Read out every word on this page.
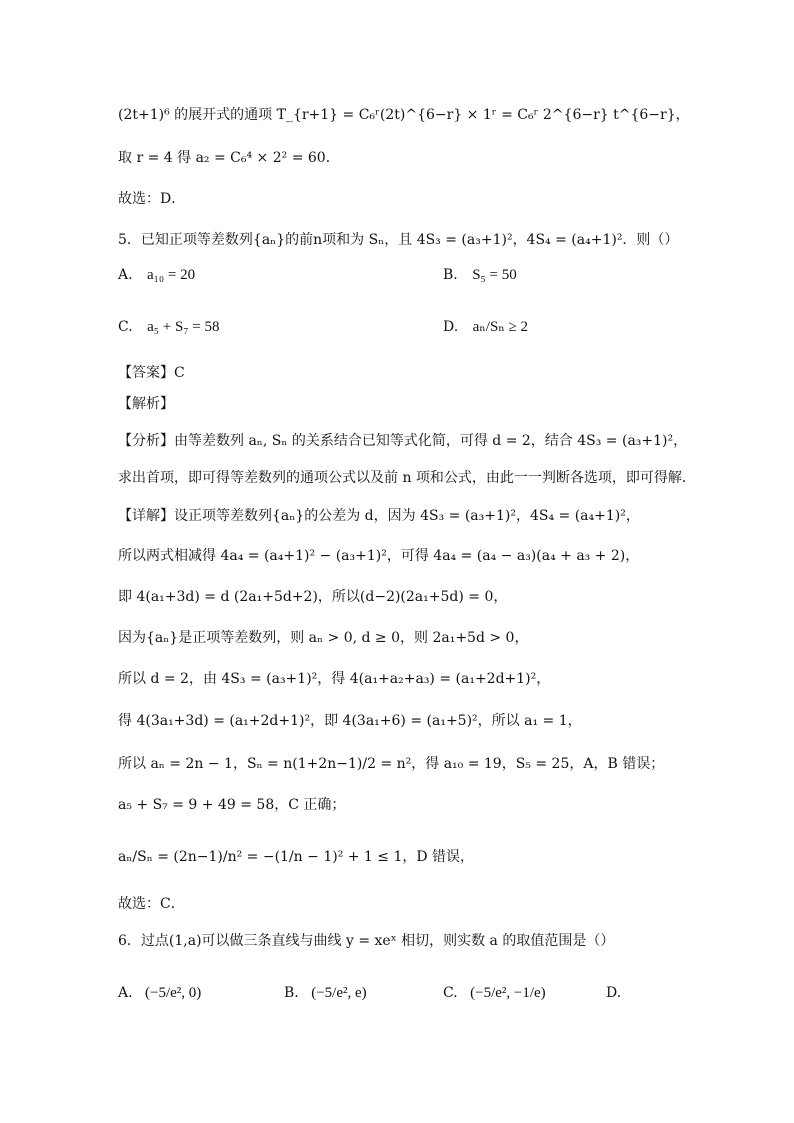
(2t+1)⁶ 的展开式的通项 T_{r+1} = C₆ʳ(2t)^{6−r} × 1ʳ = C₆ʳ 2^{6−r} t^{6−r}，
取 r = 4 得 a₂ = C₆⁴ × 2² = 60．
故选：D．
5．已知正项等差数列{aₙ}的前n项和为 Sₙ，且 4S₃ = (a₃+1)²，4S₄ = (a₄+1)²．则（）
A. a₁₀ = 20	B. S₅ = 50
C. a₅ + S₇ = 58	D. aₙ/Sₙ ≥ 2
【答案】C
【解析】
【分析】由等差数列 aₙ, Sₙ 的关系结合已知等式化简，可得 d = 2，结合 4S₃ = (a₃+1)²，
求出首项，即可得等差数列的通项公式以及前 n 项和公式，由此一一判断各选项，即可得解．
【详解】设正项等差数列{aₙ}的公差为 d，因为 4S₃ = (a₃+1)²，4S₄ = (a₄+1)²，
所以两式相减得 4a₄ = (a₄+1)² − (a₃+1)²，可得 4a₄ = (a₄ − a₃)(a₄ + a₃ + 2)，
即 4(a₁+3d) = d (2a₁+5d+2)，所以(d−2)(2a₁+5d) = 0，
因为{aₙ}是正项等差数列，则 aₙ > 0, d ≥ 0，则 2a₁+5d > 0，
所以 d = 2，由 4S₃ = (a₃+1)²，得 4(a₁+a₂+a₃) = (a₁+2d+1)²，
得 4(3a₁+3d) = (a₁+2d+1)²，即 4(3a₁+6) = (a₁+5)²，所以 a₁ = 1，
所以 aₙ = 2n − 1，Sₙ = n(1+2n−1)/2 = n²，得 a₁₀ = 19，S₅ = 25，A，B 错误；
a₅ + S₇ = 9 + 49 = 58，C 正确；
aₙ/Sₙ = (2n−1)/n² = −(1/n − 1)² + 1 ≤ 1，D 错误，
故选：C．
6．过点(1,a)可以做三条直线与曲线 y = xeˣ 相切，则实数 a 的取值范围是（）
A. (−5/e², 0)	B. (−5/e², e)	C. (−5/e², −1/e)	D.
